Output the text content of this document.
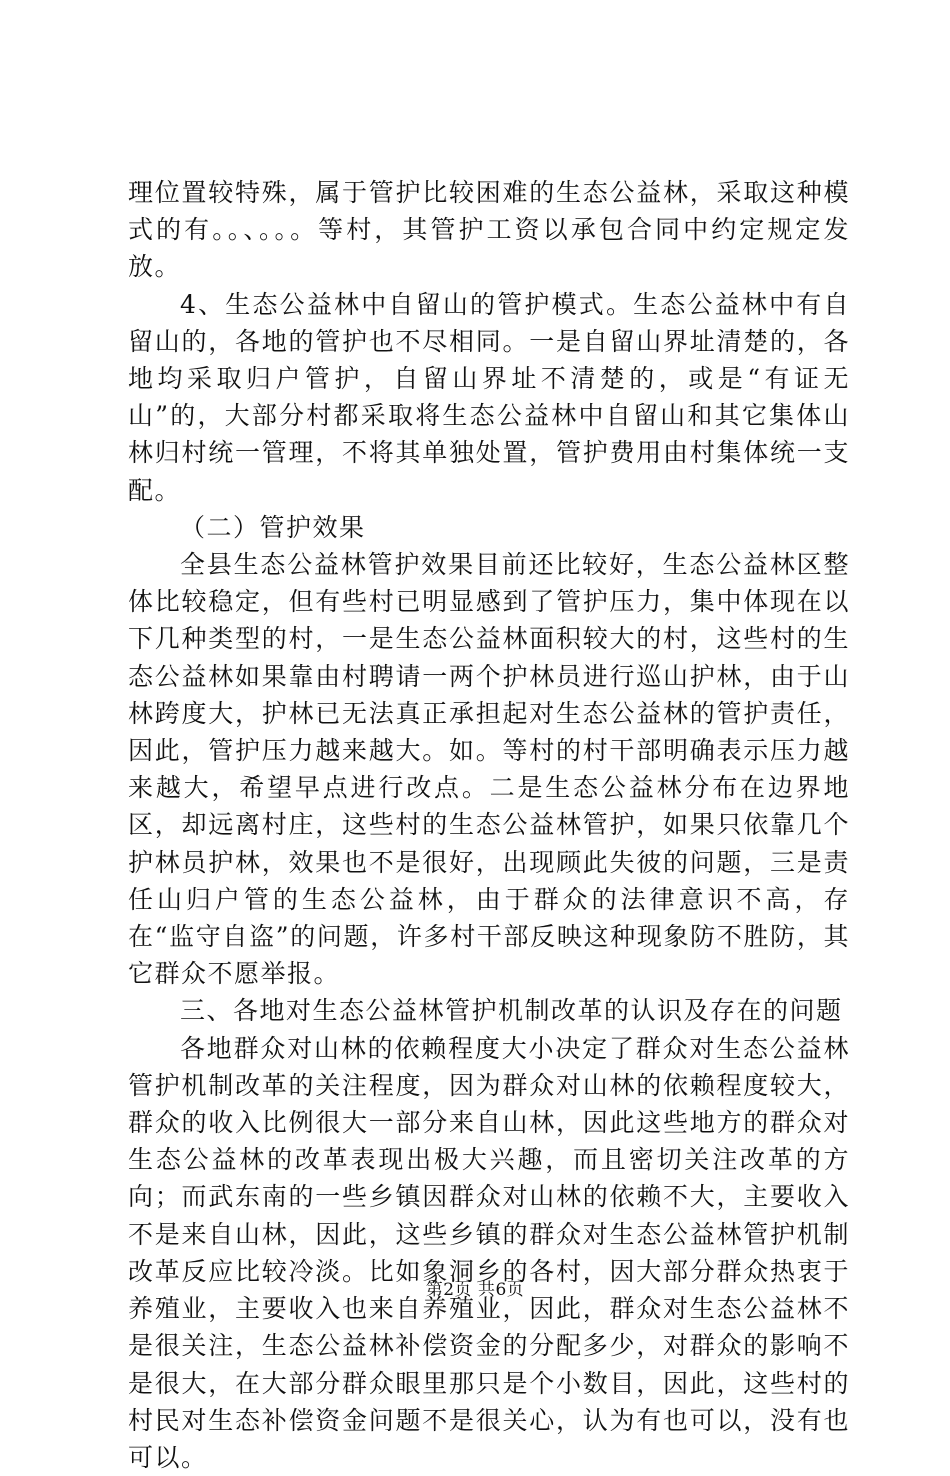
理位置较特殊，属于管护比较困难的生态公益林，采取这种模式的有。。、。。。等村，其管护工资以承包合同中约定规定发放。

4、生态公益林中自留山的管护模式。生态公益林中有自留山的，各地的管护也不尽相同。一是自留山界址清楚的，各地均采取归户管护，自留山界址不清楚的，或是“有证无山”的，大部分村都采取将生态公益林中自留山和其它集体山林归村统一管理，不将其单独处置，管护费用由村集体统一支配。

（二）管护效果

全县生态公益林管护效果目前还比较好，生态公益林区整体比较稳定，但有些村已明显感到了管护压力，集中体现在以下几种类型的村，一是生态公益林面积较大的村，这些村的生态公益林如果靠由村聘请一两个护林员进行巡山护林，由于山林跨度大，护林已无法真正承担起对生态公益林的管护责任，因此，管护压力越来越大。如。等村的村干部明确表示压力越来越大，希望早点进行改点。二是生态公益林分布在边界地区，却远离村庄，这些村的生态公益林管护，如果只依靠几个护林员护林，效果也不是很好，出现顾此失彼的问题，三是责任山归户管的生态公益林，由于群众的法律意识不高，存在“监守自盗”的问题，许多村干部反映这种现象防不胜防，其它群众不愿举报。

三、各地对生态公益林管护机制改革的认识及存在的问题

各地群众对山林的依赖程度大小决定了群众对生态公益林管护机制改革的关注程度，因为群众对山林的依赖程度较大，群众的收入比例很大一部分来自山林，因此这些地方的群众对生态公益林的改革表现出极大兴趣，而且密切关注改革的方向；而武东南的一些乡镇因群众对山林的依赖不大，主要收入不是来自山林，因此，这些乡镇的群众对生态公益林管护机制改革反应比较冷淡。比如象洞乡的各村，因大部分群众热衷于养殖业，主要收入也来自养殖业，因此，群众对生态公益林不是很关注，生态公益林补偿资金的分配多少，对群众的影响不是很大，在大部分群众眼里那只是个小数目，因此，这些村的村民对生态补偿资金问题不是很关心，认为有也可以，没有也可以。

第2页 共6页
